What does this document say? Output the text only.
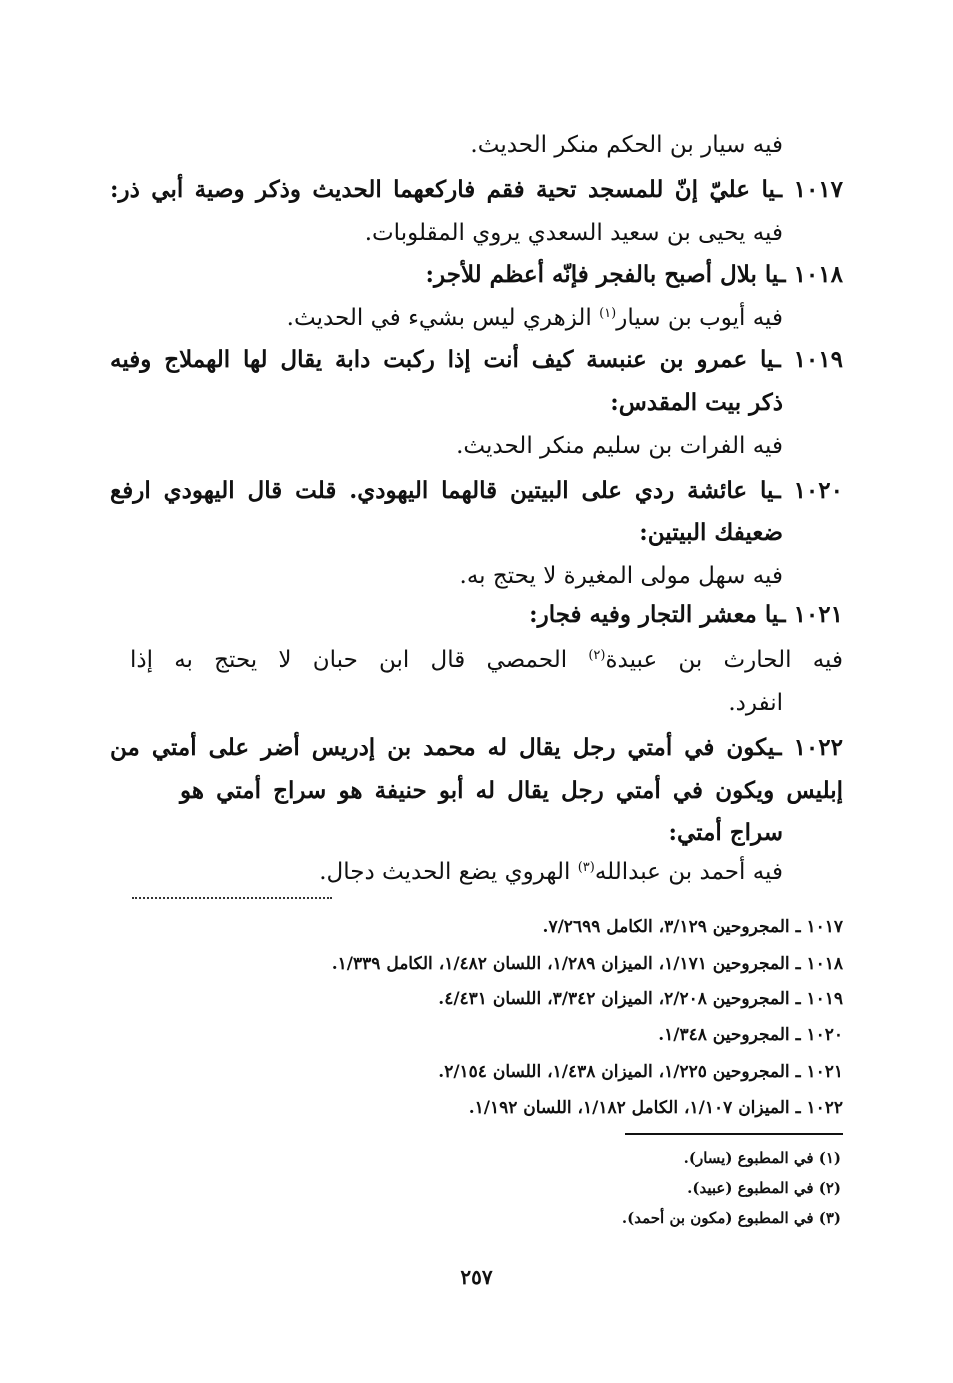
فيه سيار بن الحكم منكر الحديث.
١٠١٧ ـيا عليّ إنّ للمسجد تحية فقم فاركعهما الحديث وذكر وصية أبي ذر:
فيه يحيى بن سعيد السعدي يروي المقلوبات.
١٠١٨ ـيا بلال أصبح بالفجر فإنّه أعظم للأجر:
فيه أيوب بن سيار$^{(١)}$ الزهري ليس بشيء في الحديث.
١٠١٩ ـيا عمرو بن عنبسة كيف أنت إذا ركبت دابة يقال لها الهملاج وفيه
ذكر بيت المقدس:
فيه الفرات بن سليم منكر الحديث.
١٠٢٠ ـيا عائشة ردي على البيتين قالهما اليهودي. قلت قال اليهودي ارفع
ضعيفك البيتين:
فيه سهل مولى المغيرة لا يحتج به.
١٠٢١ ـيا معشر التجار وفيه فجار:
فيه الحارث بن عبيدة$^{(٢)}$ الحمصي قال ابن حبان لا يحتج به إذا
انفرد.
١٠٢٢ ـيكون في أمتي رجل يقال له محمد بن إدريس أضر على أمتي من
إبليس ويكون في أمتي رجل يقال له أبو حنيفة هو سراج أمتي هو
سراج أمتي:
فيه أحمد بن عبدالله$^{(٣)}$ الهروي يضع الحديث دجال.
١٠١٧ ـ المجروحين ٣/١٢٩، الكامل ٧/٢٦٩٩.
١٠١٨ ـ المجروحين ١/١٧١، الميزان ١/٢٨٩، اللسان ١/٤٨٢، الكامل ١/٣٣٩.
١٠١٩ ـ المجروحين ٢/٢٠٨، الميزان ٣/٣٤٢، اللسان ٤/٤٣١.
١٠٢٠ ـ المجروحين ١/٣٤٨.
١٠٢١ ـ المجروحين ١/٢٢٥، الميزان ١/٤٣٨، اللسان ٢/١٥٤.
١٠٢٢ ـ الميزان ١/١٠٧، الكامل ١/١٨٢، اللسان ١/١٩٢.
(١) في المطبوع (يسار).
(٢) في المطبوع (عبيد).
(٣) في المطبوع (مكون بن أحمد).
٢٥٧
